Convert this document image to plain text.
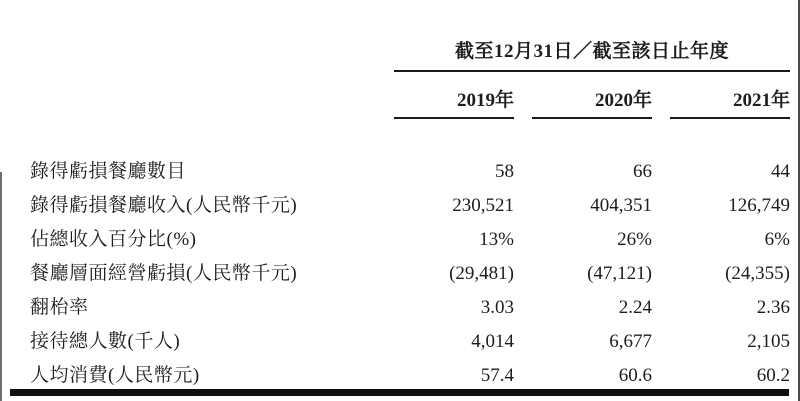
截至12月31日／截至該日止年度
2019年	2020年	2021年
錄得虧損餐廳數目	58	66	44
錄得虧損餐廳收入(人民幣千元)	230,521	404,351	126,749
佔總收入百分比(%)	13%	26%	6%
餐廳層面經營虧損(人民幣千元)	(29,481)	(47,121)	(24,355)
翻枱率	3.03	2.24	2.36
接待總人數(千人)	4,014	6,677	2,105
人均消費(人民幣元)	57.4	60.6	60.2
